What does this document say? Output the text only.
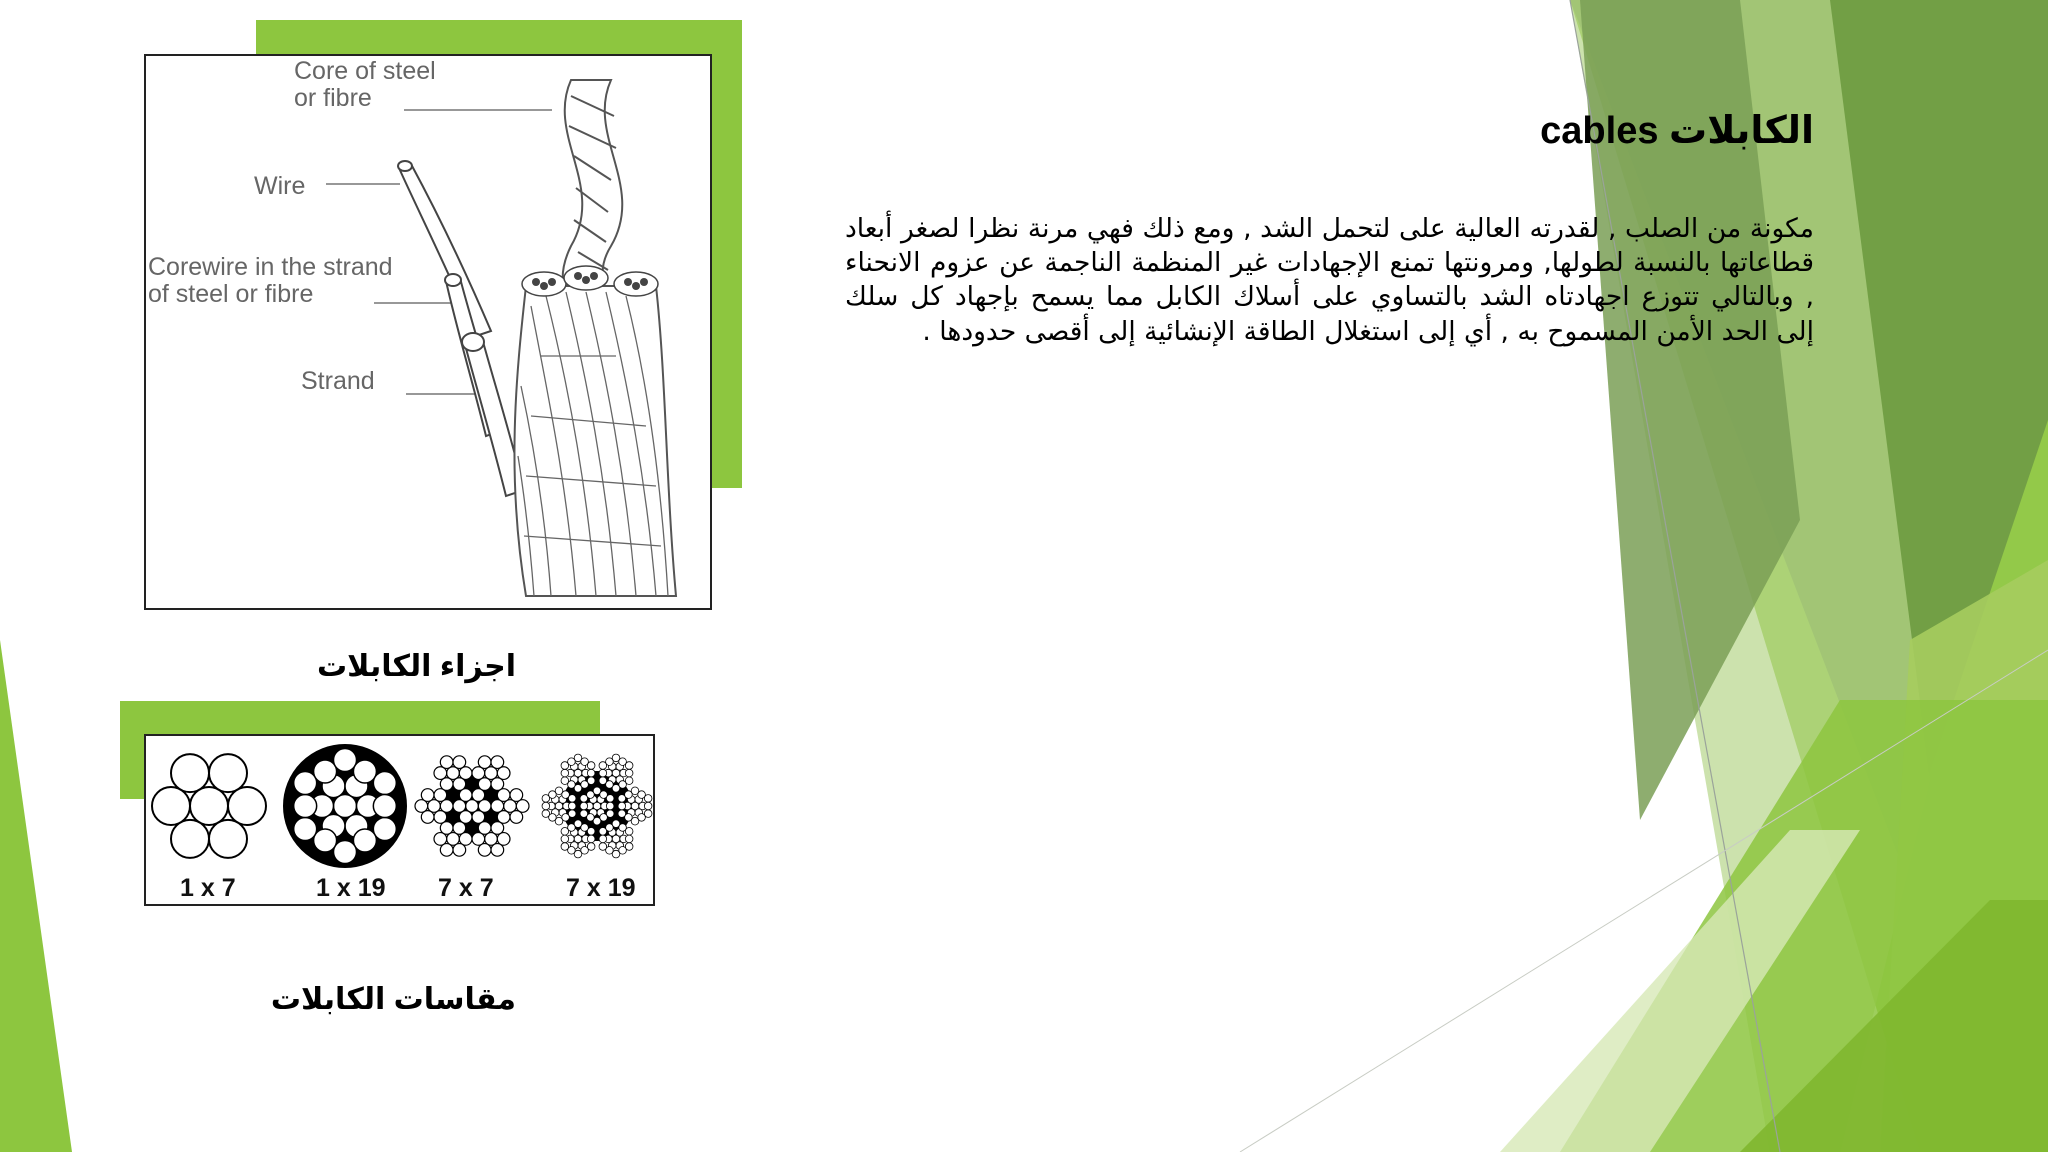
الكابلات cables
مكونة من الصلب , لقدرته العالية على لتحمل الشد , ومع ذلك فهي مرنة نظرا لصغر أبعاد قطاعاتها بالنسبة لطولها, ومرونتها تمنع الإجهادات غير المنظمة الناجمة عن عزوم الانحناء , وبالتالي تتوزع اجهادتاه الشد بالتساوي على أسلاك الكابل مما يسمح بإجهاد كل سلك إلى الحد الأمن المسموح به , أي إلى استغلال الطاقة الإنشائية إلى أقصى حدودها .
Core of steel
or fibre
Wire
Corewire in the strand
of steel or fibre
Strand
اجزاء الكابلات
1 x 7	1 x 19 7 x 7	7 x 19
مقاسات الكابلات
